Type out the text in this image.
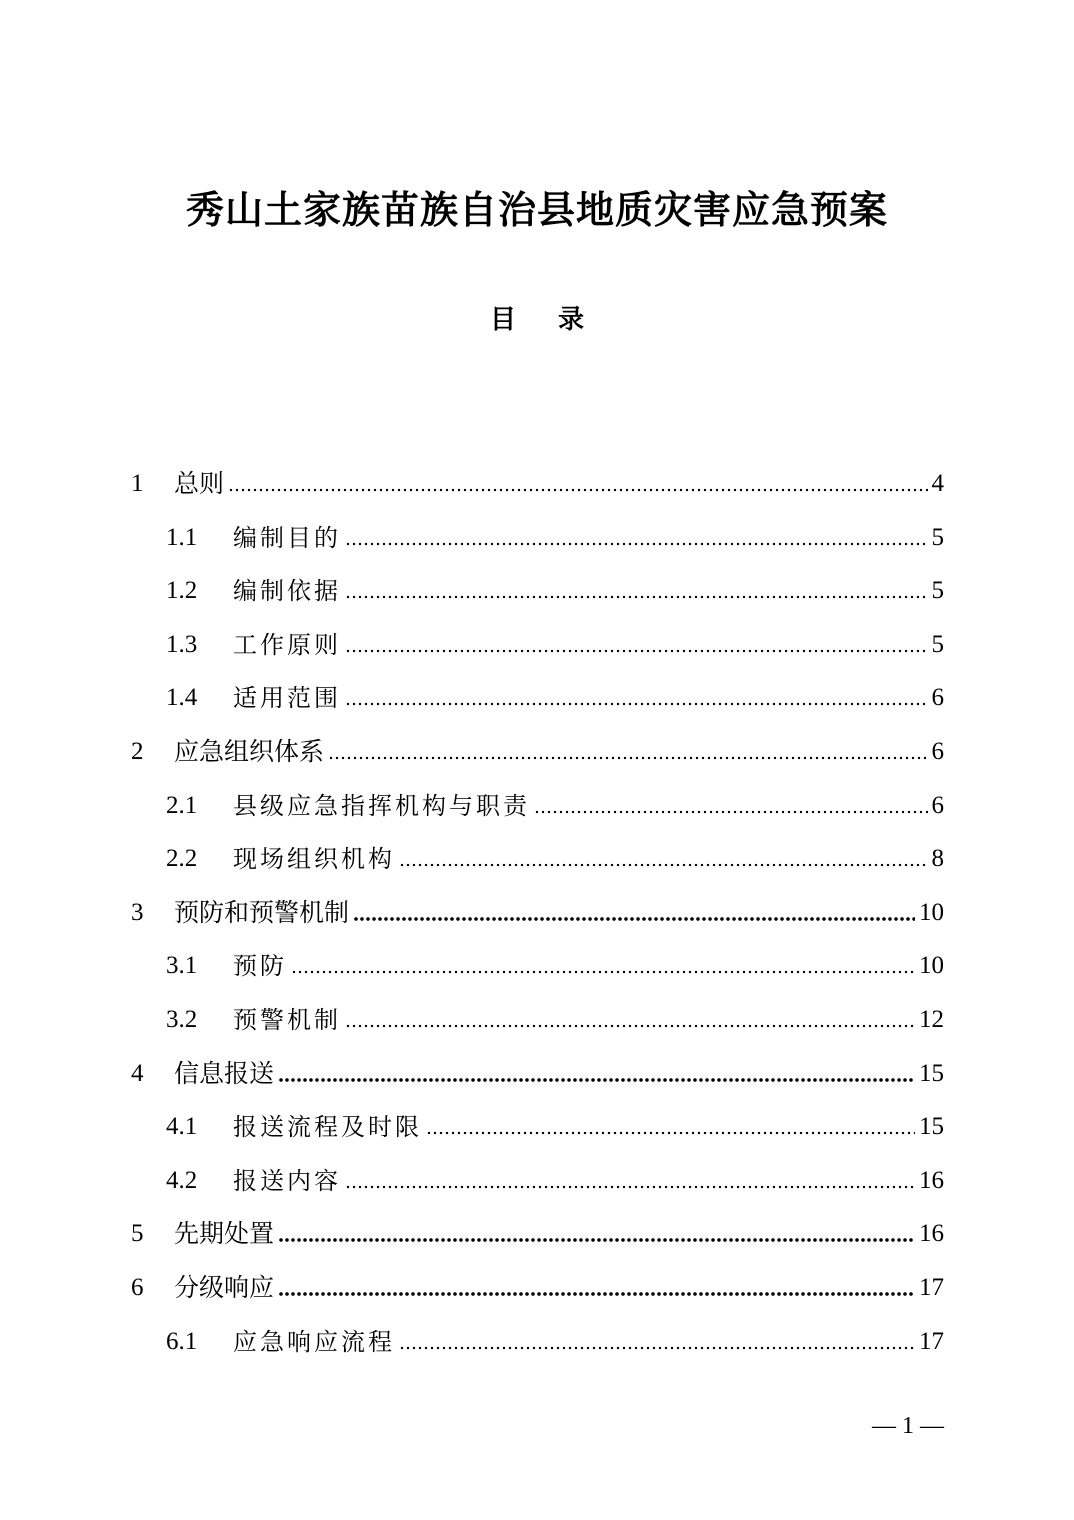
秀山土家族苗族自治县地质灾害应急预案
目录
1	总则	4
1.1	编制目的	5
1.2	编制依据	5
1.3	工作原则	5
1.4	适用范围	6
2	应急组织体系	6
2.1	县级应急指挥机构与职责	6
2.2	现场组织机构	8
3	预防和预警机制	10
3.1	预防	10
3.2	预警机制	12
4	信息报送	15
4.1	报送流程及时限	15
4.2	报送内容	16
5	先期处置	16
6	分级响应	17
6.1	应急响应流程	17
— 1 —
